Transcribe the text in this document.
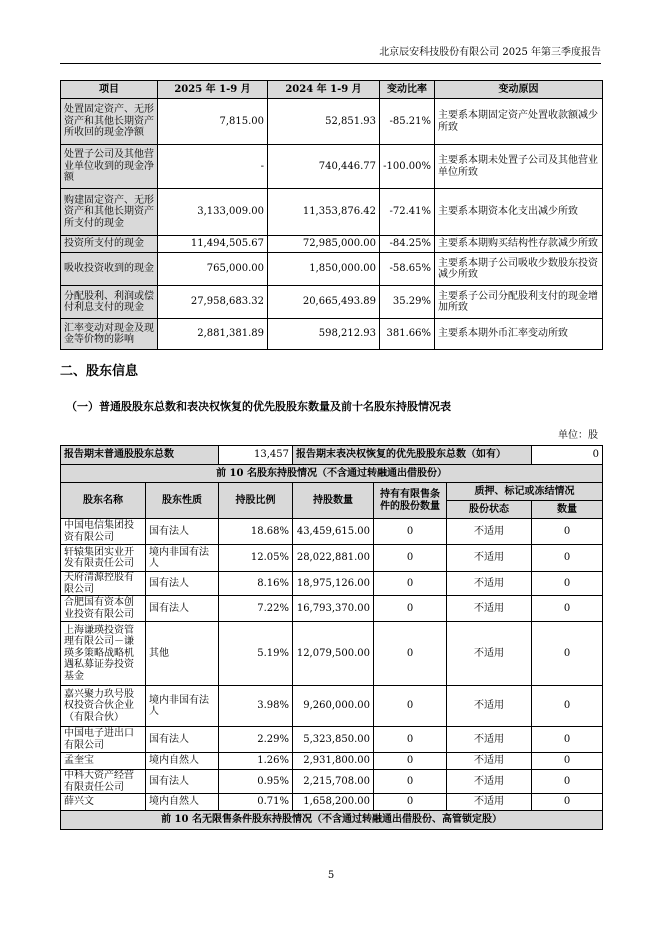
北京辰安科技股份有限公司 2025 年第三季度报告
项目	2025 年 1-9 月	2024 年 1-9 月	变动比率	变动原因
处置固定资产、无形资产和其他长期资产所收回的现金净额	7,815.00	52,851.93	-85.21%	主要系本期固定资产处置收款额减少所致
处置子公司及其他营业单位收到的现金净额	-	740,446.77	-100.00%	主要系本期未处置子公司及其他营业单位所致
购建固定资产、无形资产和其他长期资产所支付的现金	3,133,009.00	11,353,876.42	-72.41%	主要系本期资本化支出减少所致
投资所支付的现金	11,494,505.67	72,985,000.00	-84.25%	主要系本期购买结构性存款减少所致
吸收投资收到的现金	765,000.00	1,850,000.00	-58.65%	主要系本期子公司吸收少数股东投资减少所致
分配股利、利润或偿付利息支付的现金	27,958,683.32	20,665,493.89	35.29%	主要系子公司分配股利支付的现金增加所致
汇率变动对现金及现金等价物的影响	2,881,381.89	598,212.93	381.66%	主要系本期外币汇率变动所致
二、股东信息
（一）普通股股东总数和表决权恢复的优先股股东数量及前十名股东持股情况表
单位：股
报告期末普通股股东总数		13,457	报告期末表决权恢复的优先股股东总数（如有）			0
前 10 名股东持股情况（不含通过转融通出借股份）						
股东名称	股东性质	持股比例	持股数量	持有有限售条件的股份数量	质押、标记或冻结情况	
					股份状态	数量
中国电信集团投资有限公司	国有法人	18.68%	43,459,615.00	0	不适用	0
轩辕集团实业开发有限责任公司	境内非国有法人	12.05%	28,022,881.00	0	不适用	0
天府清源控股有限公司	国有法人	8.16%	18,975,126.00	0	不适用	0
合肥国有资本创业投资有限公司	国有法人	7.22%	16,793,370.00	0	不适用	0
上海谦瑛投资管理有限公司－谦瑛多策略战略机遇私募证券投资基金	其他	5.19%	12,079,500.00	0	不适用	0
嘉兴聚力玖号股权投资合伙企业（有限合伙）	境内非国有法人	3.98%	9,260,000.00	0	不适用	0
中国电子进出口有限公司	国有法人	2.29%	5,323,850.00	0	不适用	0
孟奎宝	境内自然人	1.26%	2,931,800.00	0	不适用	0
中科大资产经营有限责任公司	国有法人	0.95%	2,215,708.00	0	不适用	0
薛兴文	境内自然人	0.71%	1,658,200.00	0	不适用	0
前 10 名无限售条件股东持股情况（不含通过转融通出借股份、高管锁定股）						
5
